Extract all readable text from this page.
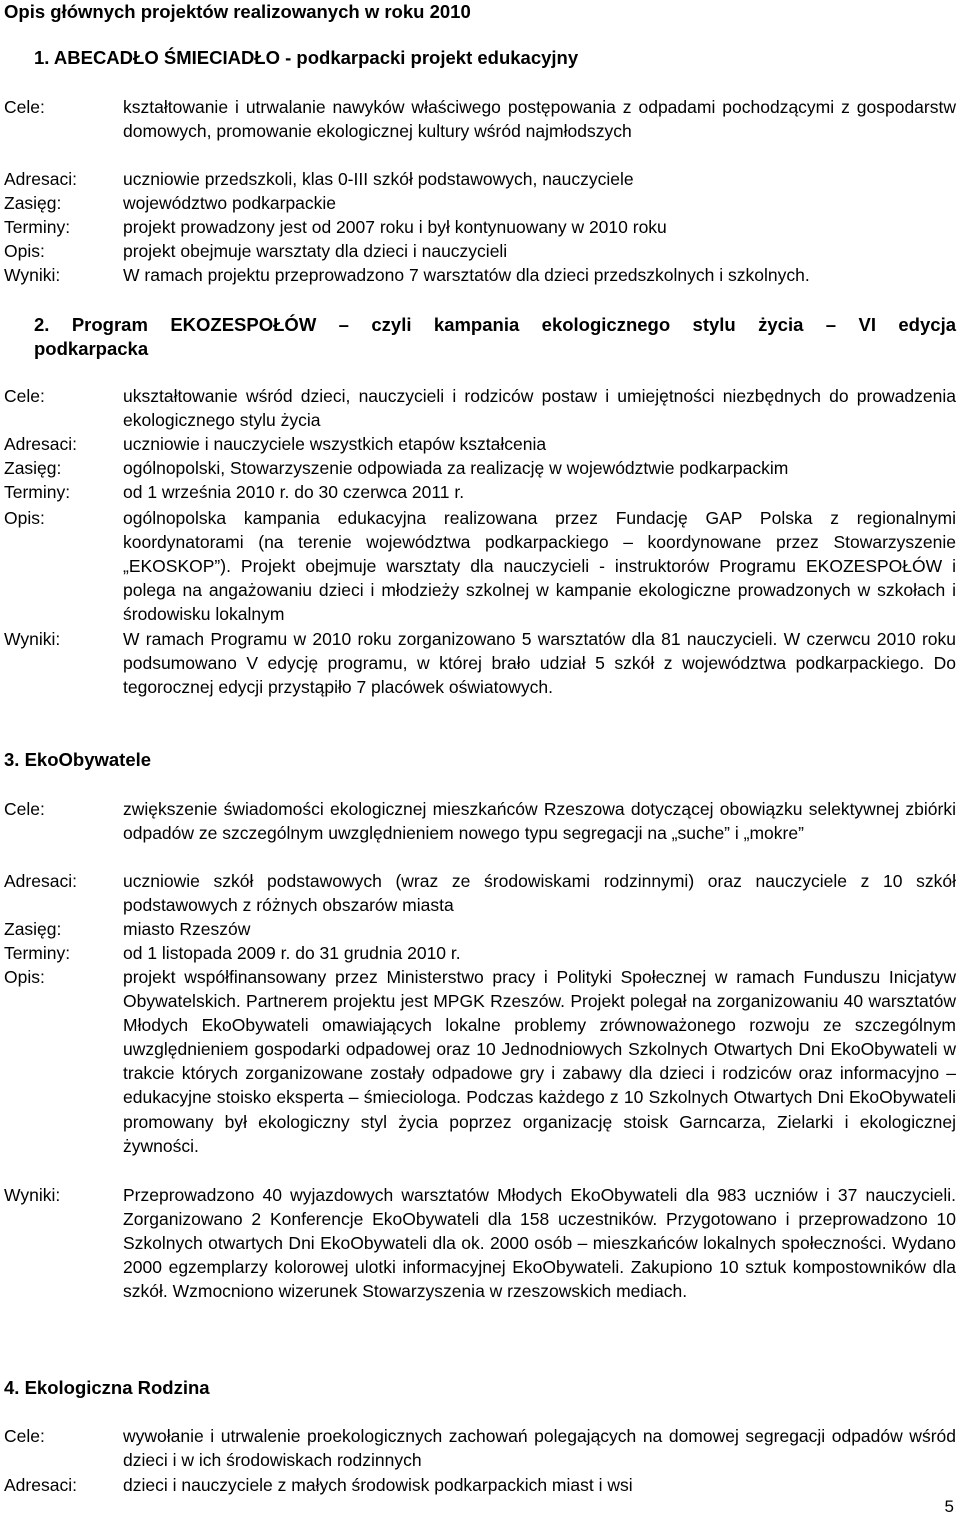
Opis głównych projektów realizowanych w roku 2010
1. ABECADŁO ŚMIECIADŁO - podkarpacki projekt edukacyjny
Cele:	kształtowanie i utrwalanie nawyków właściwego postępowania z odpadami pochodzącymi z gospodarstw domowych, promowanie ekologicznej kultury wśród najmłodszych
Adresaci:	uczniowie przedszkoli, klas 0-III szkół podstawowych, nauczyciele
Zasięg:	województwo podkarpackie
Terminy:	projekt prowadzony jest od 2007 roku i był kontynuowany w 2010 roku
Opis:	projekt obejmuje warsztaty dla dzieci i nauczycieli
Wyniki:	W ramach projektu przeprowadzono 7 warsztatów dla dzieci przedszkolnych i szkolnych.
2. Program EKOZESPOŁÓW – czyli kampania ekologicznego stylu życia – VI edycja
podkarpacka
Cele:	ukształtowanie wśród dzieci, nauczycieli i rodziców postaw i umiejętności niezbędnych do prowadzenia ekologicznego stylu życia
Adresaci:	uczniowie i nauczyciele wszystkich etapów kształcenia
Zasięg:	ogólnopolski, Stowarzyszenie odpowiada za realizację w województwie podkarpackim
Terminy:	od 1 września 2010 r. do 30 czerwca 2011 r.
Opis:	ogólnopolska kampania edukacyjna realizowana przez Fundację GAP Polska z regionalnymi koordynatorami (na terenie województwa podkarpackiego – koordynowane przez Stowarzyszenie „EKOSKOP”). Projekt obejmuje warsztaty dla nauczycieli - instruktorów Programu EKOZESPOŁÓW i polega na angażowaniu dzieci i młodzieży szkolnej w kampanie ekologiczne prowadzonych w szkołach i środowisku lokalnym
Wyniki:	W ramach Programu w 2010 roku zorganizowano 5 warsztatów dla 81 nauczycieli. W czerwcu 2010 roku podsumowano V edycję programu, w której brało udział 5 szkół z województwa podkarpackiego. Do tegorocznej edycji przystąpiło 7 placówek oświatowych.
3. EkoObywatele
Cele:	zwiększenie świadomości ekologicznej mieszkańców Rzeszowa dotyczącej obowiązku selektywnej zbiórki odpadów ze szczególnym uwzględnieniem nowego typu segregacji na „suche” i „mokre”
Adresaci:	uczniowie szkół podstawowych (wraz ze środowiskami rodzinnymi) oraz nauczyciele z 10 szkół podstawowych z różnych obszarów miasta
Zasięg:	miasto Rzeszów
Terminy:	od 1 listopada 2009 r. do 31 grudnia 2010 r.
Opis:	projekt współfinansowany przez Ministerstwo pracy i Polityki Społecznej w ramach Funduszu Inicjatyw Obywatelskich. Partnerem projektu jest MPGK Rzeszów. Projekt polegał na zorganizowaniu 40 warsztatów Młodych EkoObywateli omawiających lokalne problemy zrównoważonego rozwoju ze szczególnym uwzględnieniem gospodarki odpadowej oraz 10 Jednodniowych Szkolnych Otwartych Dni EkoObywateli w trakcie których zorganizowane zostały odpadowe gry i zabawy dla dzieci i rodziców oraz informacyjno – edukacyjne stoisko eksperta – śmieciologa. Podczas każdego z 10 Szkolnych Otwartych Dni EkoObywateli promowany był ekologiczny styl życia poprzez organizację stoisk Garncarza, Zielarki i ekologicznej żywności.
Wyniki:	Przeprowadzono 40 wyjazdowych warsztatów Młodych EkoObywateli dla 983 uczniów i 37 nauczycieli. Zorganizowano 2 Konferencje EkoObywateli dla 158 uczestników. Przygotowano i przeprowadzono 10 Szkolnych otwartych Dni EkoObywateli dla ok. 2000 osób – mieszkańców lokalnych społeczności. Wydano 2000 egzemplarzy kolorowej ulotki informacyjnej EkoObywateli. Zakupiono 10 sztuk kompostowników dla szkół. Wzmocniono wizerunek Stowarzyszenia w rzeszowskich mediach.
4. Ekologiczna Rodzina
Cele:	wywołanie i utrwalenie proekologicznych zachowań polegających na domowej segregacji odpadów wśród dzieci i w ich środowiskach rodzinnych
Adresaci:	dzieci i nauczyciele z małych środowisk podkarpackich miast i wsi
5
